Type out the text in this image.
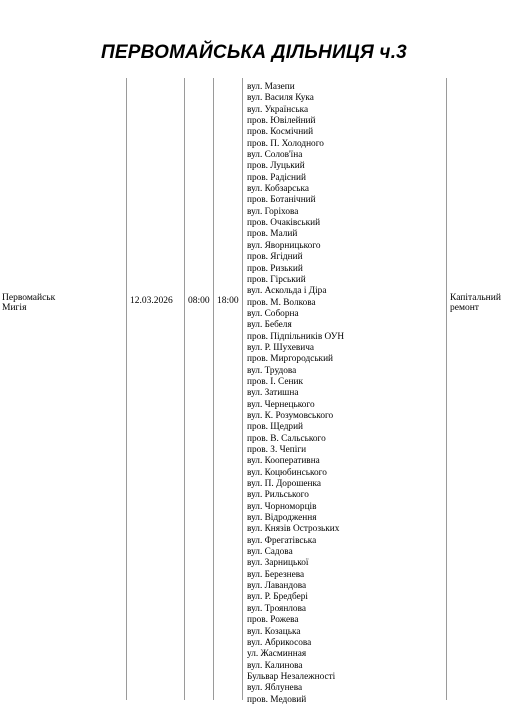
ПЕРВОМАЙСЬКА ДІЛЬНИЦЯ ч.3
Первомайськ
Мигія
12.03.2026 08:00 18:00	Капітальний
ремонт
вул. Мазепи
вул. Василя Кука
вул. Українська
пров. Ювілейний
пров. Космічний
пров. П. Холодного
вул. Солов'їна
пров. Луцький
пров. Радісний
вул. Кобзарська
пров. Ботанічний
вул. Горіхова
пров. Очаківський
пров. Малий
вул. Яворницького
пров. Ягідний
пров. Ризький
пров. Гірський
вул. Аскольда і Діра
пров. М. Волкова
вул. Соборна
вул. Бебеля
пров. Підпільників ОУН
вул. Р. Шухевича
пров. Миргородський
вул. Трудова
пров. І. Сеник
вул. Затишна
вул. Чернецького
вул. К. Розумовського
пров. Щедрий
пров. В. Сальського
пров. З. Чепіги
вул. Кооперативна
вул. Коцюбинського
вул. П. Дорошенка
вул. Рильського
вул. Чорноморців
вул. Відродження
вул. Князів Острозьких
вул. Фрегатівська
вул. Садова
вул. Зарницької
вул. Березнева
вул. Лавандова
вул. Р. Бредбері
вул. Троянлова
пров. Рожева
вул. Козацька
вул. Абрикосова
ул. Жасминная
вул. Калинова
Бульвар Незалежності
вул. Яблунева
пров. Медовий
